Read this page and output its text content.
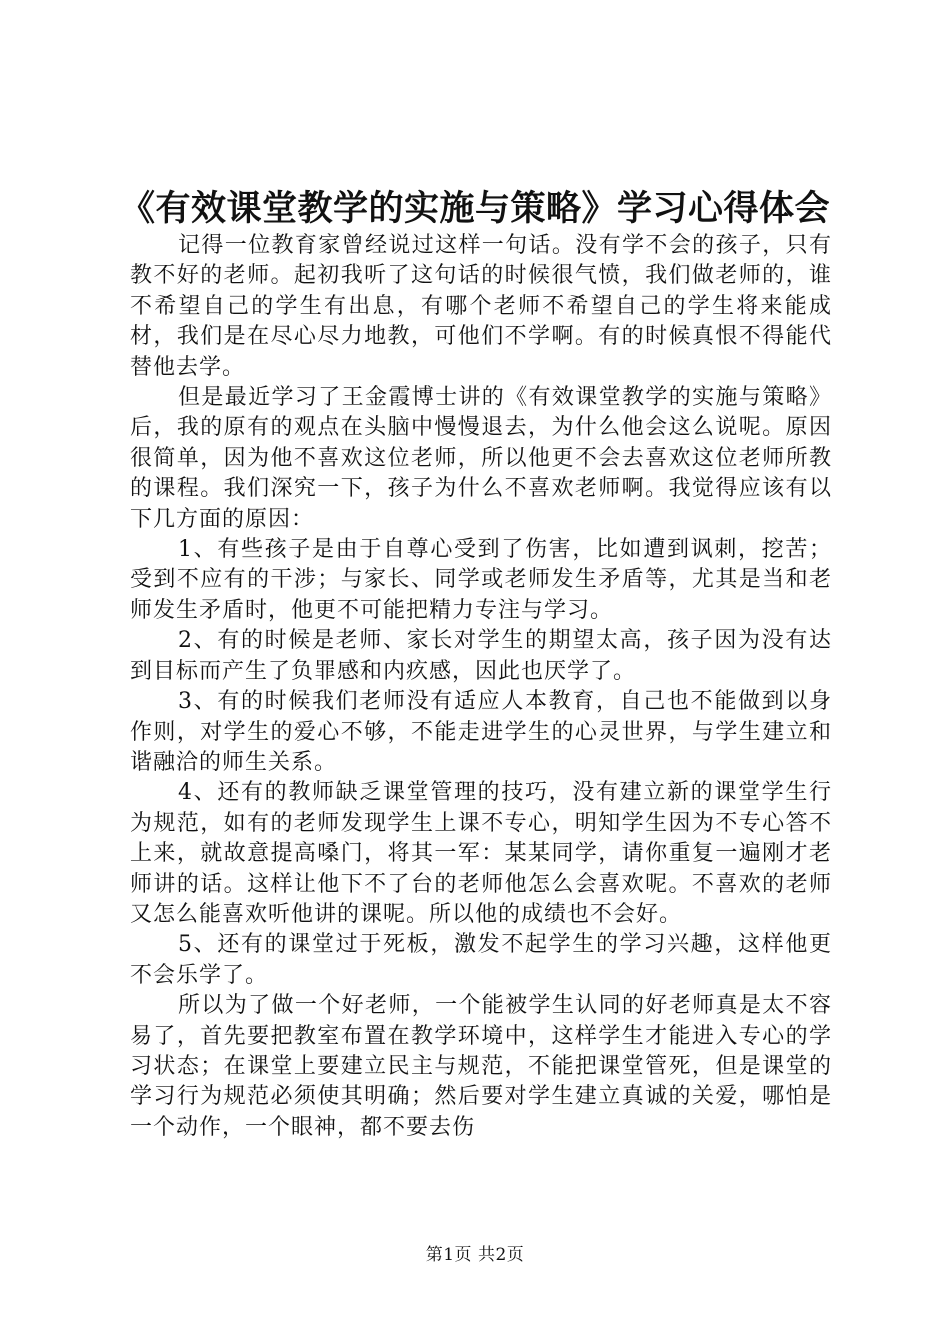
《有效课堂教学的实施与策略》学习心得体会

记得一位教育家曾经说过这样一句话。没有学不会的孩子，只有教不好的老师。起初我听了这句话的时候很气愤，我们做老师的，谁不希望自己的学生有出息，有哪个老师不希望自己的学生将来能成材，我们是在尽心尽力地教，可他们不学啊。有的时候真恨不得能代替他去学。

但是最近学习了王金霞博士讲的《有效课堂教学的实施与策略》后，我的原有的观点在头脑中慢慢退去，为什么他会这么说呢。原因很简单，因为他不喜欢这位老师，所以他更不会去喜欢这位老师所教的课程。我们深究一下，孩子为什么不喜欢老师啊。我觉得应该有以下几方面的原因：

1、有些孩子是由于自尊心受到了伤害，比如遭到讽刺，挖苦；受到不应有的干涉；与家长、同学或老师发生矛盾等，尤其是当和老师发生矛盾时，他更不可能把精力专注与学习。

2、有的时候是老师、家长对学生的期望太高，孩子因为没有达到目标而产生了负罪感和内疚感，因此也厌学了。

3、有的时候我们老师没有适应人本教育，自己也不能做到以身作则，对学生的爱心不够，不能走进学生的心灵世界，与学生建立和谐融洽的师生关系。

4、还有的教师缺乏课堂管理的技巧，没有建立新的课堂学生行为规范，如有的老师发现学生上课不专心，明知学生因为不专心答不上来，就故意提高嗓门，将其一军：某某同学，请你重复一遍刚才老师讲的话。这样让他下不了台的老师他怎么会喜欢呢。不喜欢的老师又怎么能喜欢听他讲的课呢。所以他的成绩也不会好。

5、还有的课堂过于死板，激发不起学生的学习兴趣，这样他更不会乐学了。

所以为了做一个好老师，一个能被学生认同的好老师真是太不容易了，首先要把教室布置在教学环境中，这样学生才能进入专心的学习状态；在课堂上要建立民主与规范，不能把课堂管死，但是课堂的学习行为规范必须使其明确；然后要对学生建立真诚的关爱，哪怕是一个动作，一个眼神，都不要去伤

第1页 共2页
